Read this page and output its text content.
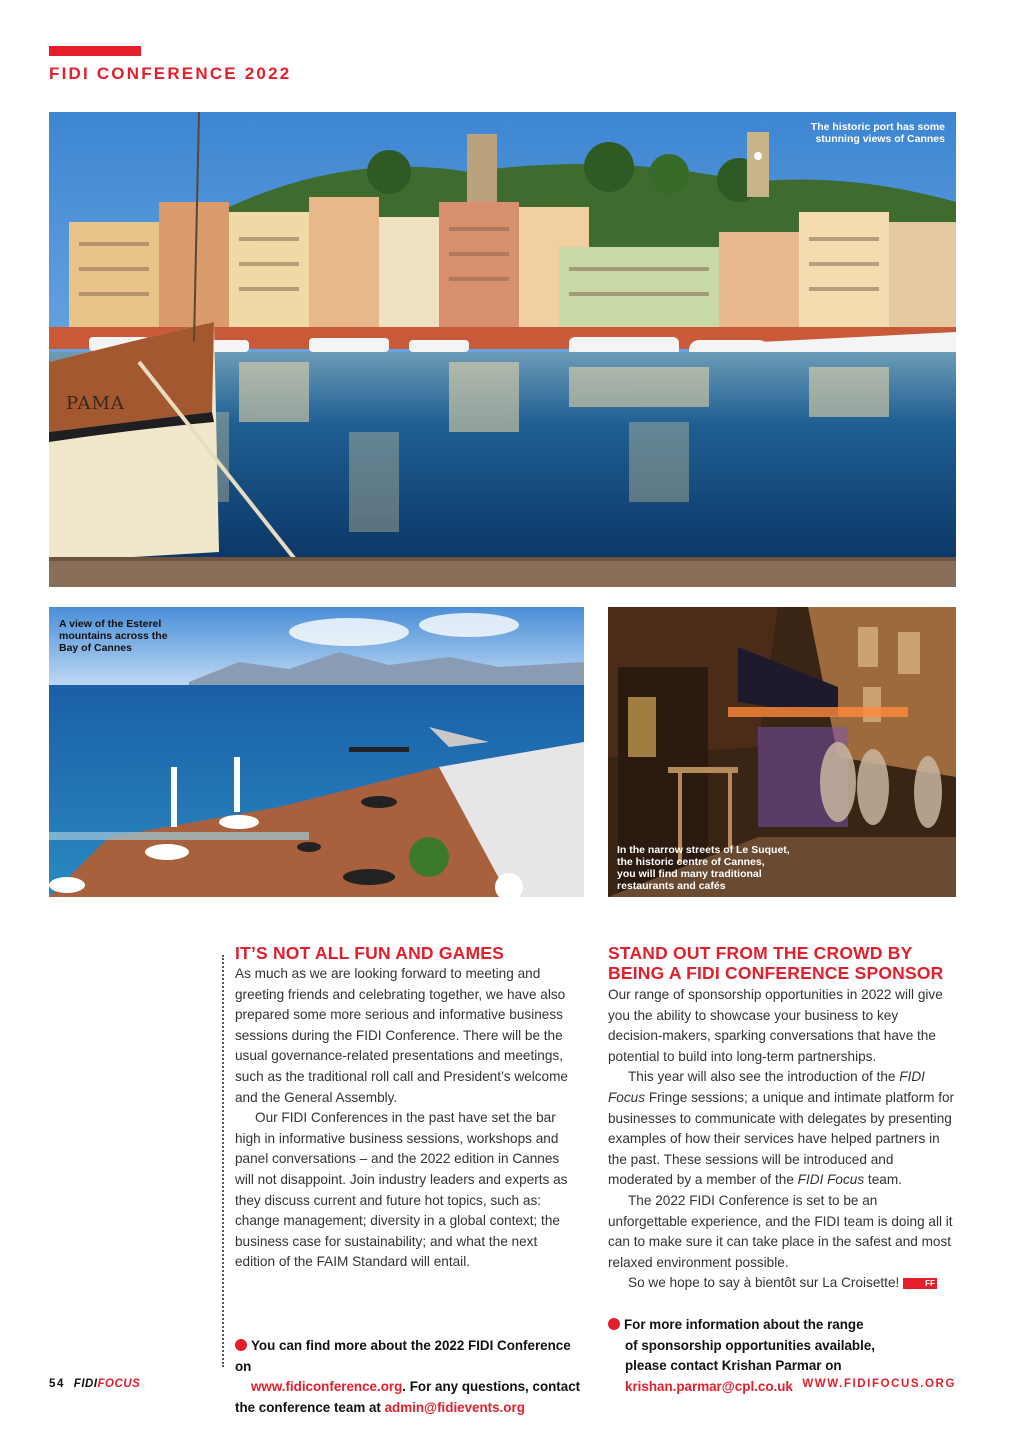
FIDI CONFERENCE 2022
PAMA
The historic port has some
stunning views of Cannes
A view of the Esterel
mountains across the
Bay of Cannes
In the narrow streets of Le Suquet,
the historic centre of Cannes,
you will find many traditional
restaurants and cafés
IT’S NOT ALL FUN AND GAMES

As much as we are looking forward to meeting and greeting friends and celebrating together, we have also prepared some more serious and informative business sessions during the FIDI Conference. There will be the usual governance-related presentations and meetings, such as the traditional roll call and President’s welcome and the General Assembly.

Our FIDI Conferences in the past have set the bar high in informative business sessions, workshops and panel conversations – and the 2022 edition in Cannes will not disappoint. Join industry leaders and experts as they discuss current and future hot topics, such as: change management; diversity in a global context; the business case for sustainability; and what the next edition of the FAIM Standard will entail.

You can find more about the 2022 FIDI Conference on
www.fidiconference.org. For any questions, contact the conference team at admin@fidievents.org
STAND OUT FROM THE CROWD BY
BEING A FIDI CONFERENCE SPONSOR

Our range of sponsorship opportunities in 2022 will give you the ability to showcase your business to key decision-makers, sparking conversations that have the potential to build into long-term partnerships.

This year will also see the introduction of the FIDI Focus Fringe sessions; a unique and intimate platform for businesses to communicate with delegates by presenting examples of how their services have helped partners in the past. These sessions will be introduced and moderated by a member of the FIDI Focus team.

The 2022 FIDI Conference is set to be an unforgettable experience, and the FIDI team is doing all it can to make sure it can take place in the safest and most relaxed environment possible.

So we hope to say à bientôt sur La Croisette!	FF

For more information about the range
of sponsorship opportunities available,
please contact Krishan Parmar on
krishan.parmar@cpl.co.uk
54 FIDIFOCUS	WWW.FIDIFOCUS.ORG
